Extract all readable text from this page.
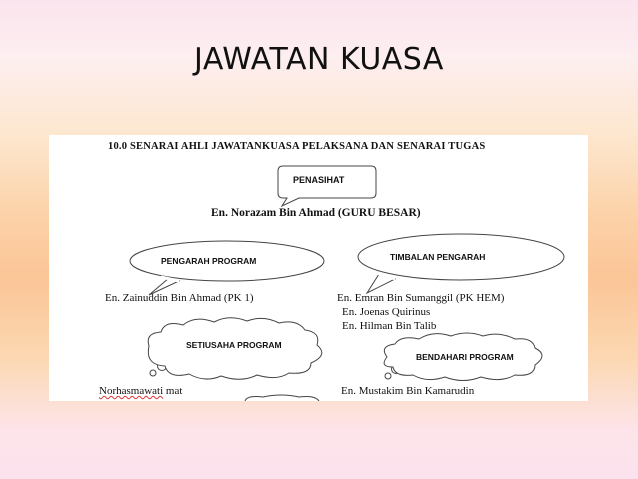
JAWATAN KUASA
10.0 SENARAI AHLI JAWATANKUASA PELAKSANA DAN SENARAI TUGAS
PENASIHAT
En. Norazam Bin Ahmad (GURU BESAR)
PENGARAH PROGRAM
En. Zainuddin Bin Ahmad (PK 1)
TIMBALAN PENGARAH
En. Emran Bin Sumanggil (PK HEM)
En. Joenas Quirinus
En. Hilman Bin Talib
SETIUSAHA PROGRAM
Norhasmawati mat
BENDAHARI PROGRAM
En. Mustakim Bin Kamarudin
